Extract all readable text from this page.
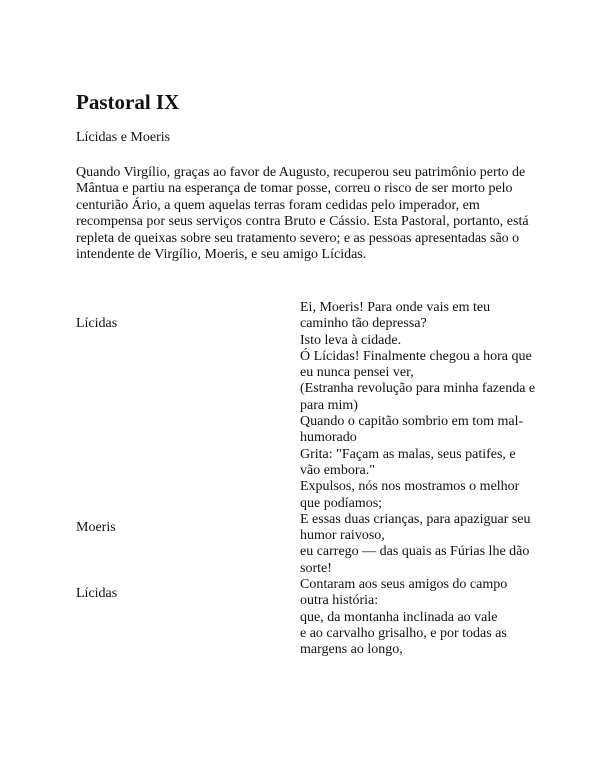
Pastoral IX

Lícidas e Moeris

Quando Virgílio, graças ao favor de Augusto, recuperou seu patrimônio perto de Mântua e partiu na esperança de tomar posse, correu o risco de ser morto pelo centurião Ário, a quem aquelas terras foram cedidas pelo imperador, em recompensa por seus serviços contra Bruto e Cássio. Esta Pastoral, portanto, está repleta de queixas sobre seu tratamento severo; e as pessoas apresentadas são o intendente de Virgílio, Moeris, e seu amigo Lícidas.

Lícidas
Ei, Moeris! Para onde vais em teu caminho tão depressa?
Isto leva à cidade.
Moeris
Ó Lícidas! Finalmente chegou a hora que eu nunca pensei ver,
(Estranha revolução para minha fazenda e para mim)
Quando o capitão sombrio em tom mal-humorado
Grita: "Façam as malas, seus patifes, e vão embora."
Expulsos, nós nos mostramos o melhor que podíamos;
E essas duas crianças, para apaziguar seu humor raivoso,
eu carrego — das quais as Fúrias lhe dão sorte!
Lícidas
Contaram aos seus amigos do campo outra história:
que, da montanha inclinada ao vale
e ao carvalho grisalho, e por todas as margens ao longo,
